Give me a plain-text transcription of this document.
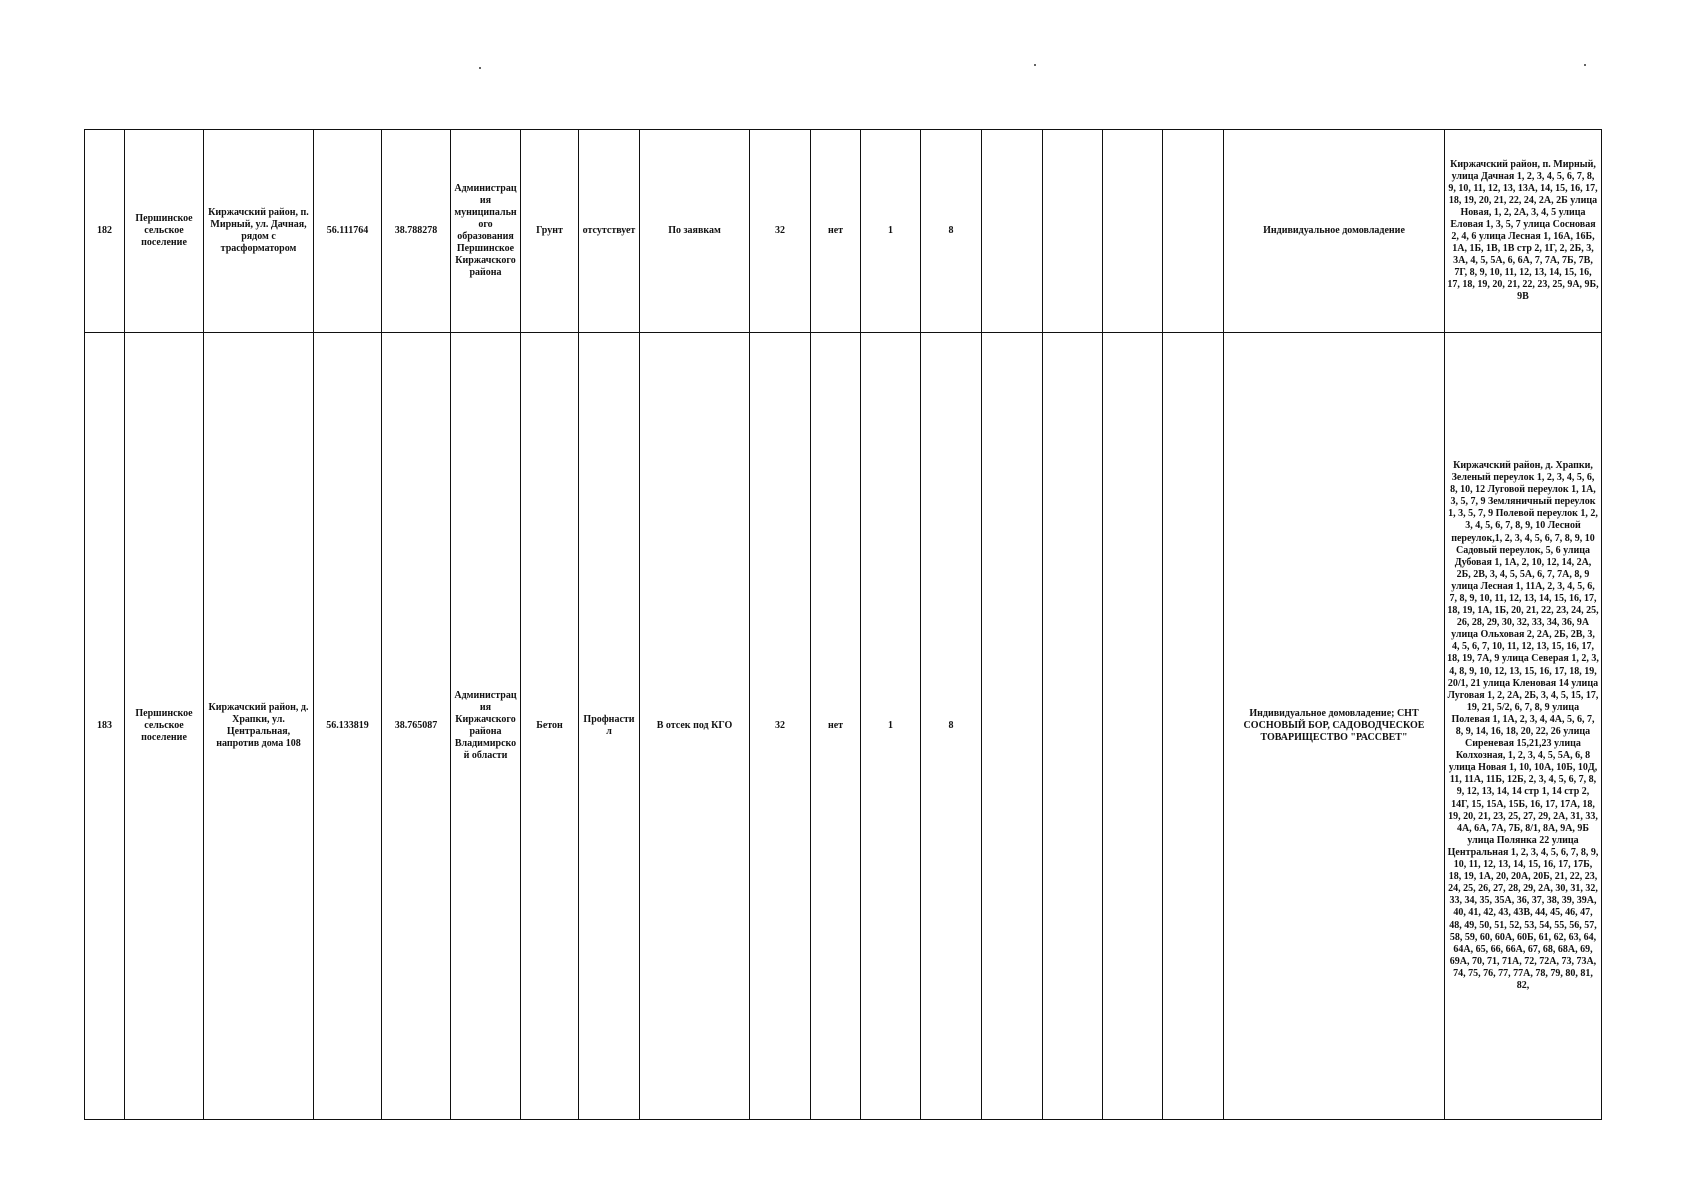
182	Першинское сельское поселение	Киржачский район, п. Мирный, ул. Дачная, рядом с трасформатором	56.111764	38.788278	Администрация муниципального образования Першинское Киржачского района	Грунт	отсутствует	По заявкам	32	нет	1	8					Индивидуальное домовладение	Киржачский район, п. Мирный, улица Дачная 1, 2, 3, 4, 5, 6, 7, 8, 9, 10, 11, 12, 13, 13А, 14, 15, 16, 17, 18, 19, 20, 21, 22, 24, 2А, 2Б улица Новая, 1, 2, 2А, 3, 4, 5 улица Еловая 1, 3, 5, 7 улица Сосновая 2, 4, 6 улица Лесная 1, 16А, 16Б, 1А, 1Б, 1В, 1В стр 2, 1Г, 2, 2Б, 3, 3А, 4, 5, 5А, 6, 6А, 7, 7А, 7Б, 7В, 7Г, 8, 9, 10, 11, 12, 13, 14, 15, 16, 17, 18, 19, 20, 21, 22, 23, 25, 9А, 9Б, 9В
183	Першинское сельское поселение	Киржачский район, д. Храпки, ул. Центральная, напротив дома 108	56.133819	38.765087	Администрация Киржачского района Владимирской области	Бетон	Профнастил	В отсек под КГО	32	нет	1	8					Индивидуальное домовладение; СНТ СОСНОВЫЙ БОР, САДОВОДЧЕСКОЕ ТОВАРИЩЕСТВО "РАССВЕТ"	Киржачский район, д. Храпки, Зеленый переулок 1, 2, 3, 4, 5, 6, 8, 10, 12 Луговой переулок 1, 1А, 3, 5, 7, 9 Земляничный переулок 1, 3, 5, 7, 9 Полевой переулок 1, 2, 3, 4, 5, 6, 7, 8, 9, 10 Лесной переулок,1, 2, 3, 4, 5, 6, 7, 8, 9, 10 Садовый переулок, 5, 6 улица Дубовая 1, 1А, 2, 10, 12, 14, 2А, 2Б, 2В, 3, 4, 5, 5А, 6, 7, 7А, 8, 9 улица Лесная 1, 11А, 2, 3, 4, 5, 6, 7, 8, 9, 10, 11, 12, 13, 14, 15, 16, 17, 18, 19, 1А, 1Б, 20, 21, 22, 23, 24, 25, 26, 28, 29, 30, 32, 33, 34, 36, 9А улица Ольховая 2, 2А, 2Б, 2В, 3, 4, 5, 6, 7, 10, 11, 12, 13, 15, 16, 17, 18, 19, 7А, 9 улица Северая 1, 2, 3, 4, 8, 9, 10, 12, 13, 15, 16, 17, 18, 19, 20/1, 21 улица Кленовая 14 улица Луговая 1, 2, 2А, 2Б, 3, 4, 5, 15, 17, 19, 21, 5/2, 6, 7, 8, 9 улица Полевая 1, 1А, 2, 3, 4, 4А, 5, 6, 7, 8, 9, 14, 16, 18, 20, 22, 26 улица Сиреневая 15,21,23 улица Колхозная, 1, 2, 3, 4, 5, 5А, 6, 8 улица Новая 1, 10, 10А, 10Б, 10Д, 11, 11А, 11Б, 12Б, 2, 3, 4, 5, 6, 7, 8, 9, 12, 13, 14, 14 стр 1, 14 стр 2, 14Г, 15, 15А, 15Б, 16, 17, 17А, 18, 19, 20, 21, 23, 25, 27, 29, 2А, 31, 33, 4А, 6А, 7А, 7Б, 8/1, 8А, 9А, 9Б улица Полянка 22 улица Центральная 1, 2, 3, 4, 5, 6, 7, 8, 9, 10, 11, 12, 13, 14, 15, 16, 17, 17Б, 18, 19, 1А, 20, 20А, 20Б, 21, 22, 23, 24, 25, 26, 27, 28, 29, 2А, 30, 31, 32, 33, 34, 35, 35А, 36, 37, 38, 39, 39А, 40, 41, 42, 43, 43В, 44, 45, 46, 47, 48, 49, 50, 51, 52, 53, 54, 55, 56, 57, 58, 59, 60, 60А, 60Б, 61, 62, 63, 64, 64А, 65, 66, 66А, 67, 68, 68А, 69, 69А, 70, 71, 71А, 72, 72А, 73, 73А, 74, 75, 76, 77, 77А, 78, 79, 80, 81, 82,
